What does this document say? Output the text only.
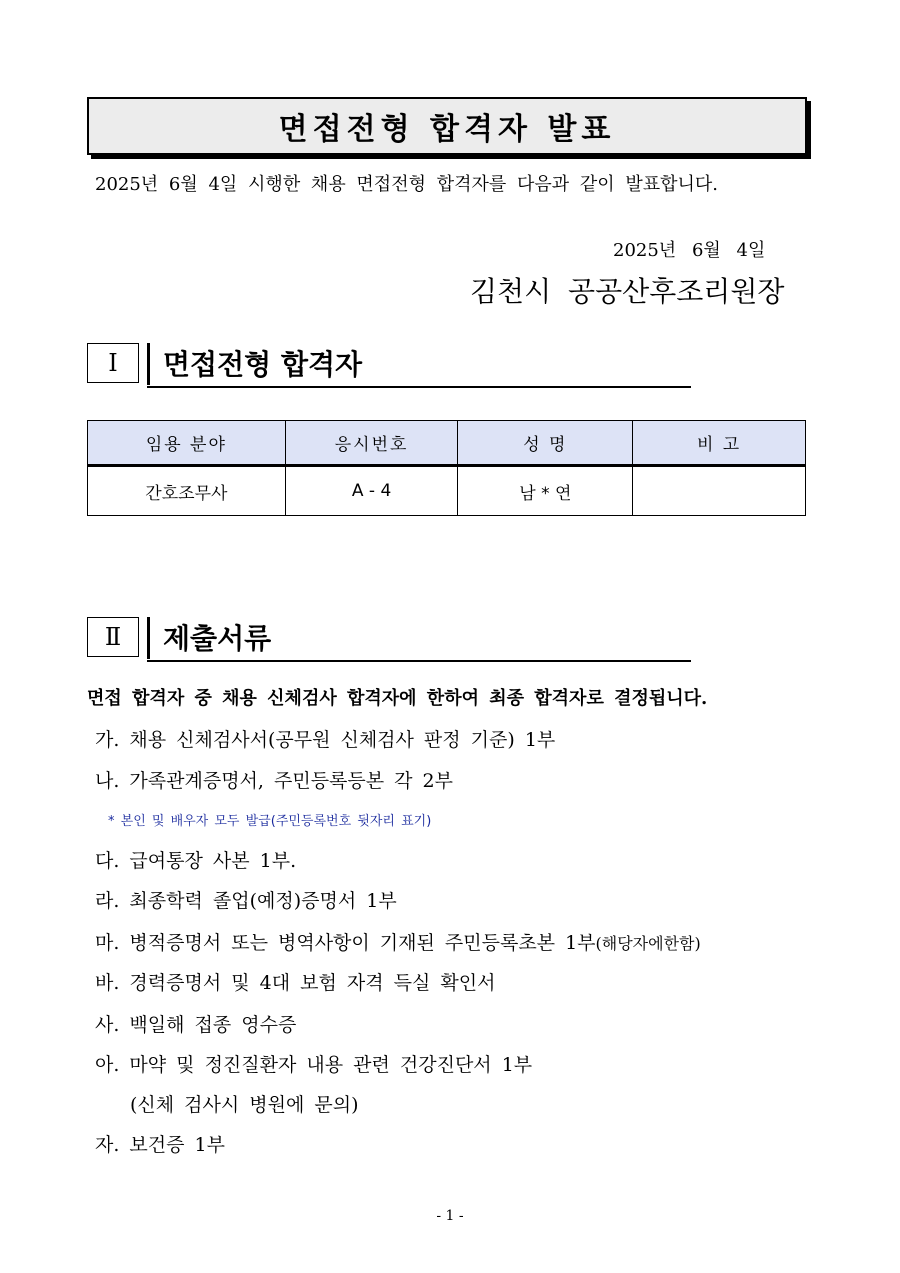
면접전형 합격자 발표
2025년 6월 4일 시행한 채용 면접전형 합격자를 다음과 같이 발표합니다.
2025년 6월 4일
김천시 공공산후조리원장
Ⅰ	면접전형 합격자
임용 분야	응시번호	성 명	비 고
간호조무사	A - 4	남 * 연	
Ⅱ	제출서류
면접 합격자 중 채용 신체검사 합격자에 한하여 최종 합격자로 결정됩니다.
가. 채용 신체검사서(공무원 신체검사 판정 기준) 1부
나. 가족관계증명서, 주민등록등본 각 2부
* 본인 및 배우자 모두 발급(주민등록번호 뒷자리 표기)
다. 급여통장 사본 1부.
라. 최종학력 졸업(예정)증명서 1부
마. 병적증명서 또는 병역사항이 기재된 주민등록초본 1부(해당자에한함)
바. 경력증명서 및 4대 보험 자격 득실 확인서
사. 백일해 접종 영수증
아. 마약 및 정진질환자 내용 관련 건강진단서 1부
(신체 검사시 병원에 문의)
자. 보건증 1부
- 1 -
